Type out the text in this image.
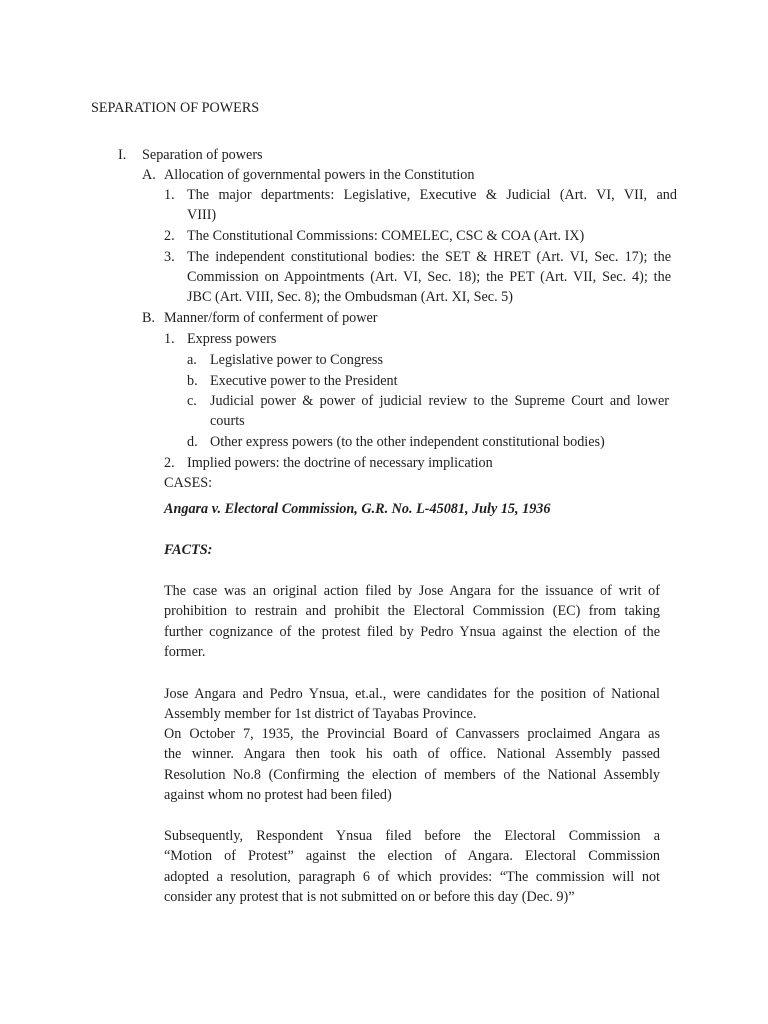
SEPARATION OF POWERS
I. Separation of powers
A. Allocation of governmental powers in the Constitution
1. The major departments: Legislative, Executive & Judicial (Art. VI, VII, and
VIII)
2. The Constitutional Commissions: COMELEC, CSC & COA (Art. IX)
3. The independent constitutional bodies: the SET & HRET (Art. VI, Sec. 17); the
Commission on Appointments (Art. VI, Sec. 18); the PET (Art. VII, Sec. 4); the
JBC (Art. VIII, Sec. 8); the Ombudsman (Art. XI, Sec. 5)
B. Manner/form of conferment of power
1. Express powers
a. Legislative power to Congress
b. Executive power to the President
c. Judicial power & power of judicial review to the Supreme Court and lower
courts
d. Other express powers (to the other independent constitutional bodies)
2. Implied powers: the doctrine of necessary implication
CASES:
Angara v. Electoral Commission, G.R. No. L-45081, July 15, 1936
FACTS:
The case was an original action filed by Jose Angara for the issuance of writ of
prohibition to restrain and prohibit the Electoral Commission (EC) from taking
further cognizance of the protest filed by Pedro Ynsua against the election of the
former.
Jose Angara and Pedro Ynsua, et.al., were candidates for the position of National
Assembly member for 1st district of Tayabas Province.
On October 7, 1935, the Provincial Board of Canvassers proclaimed Angara as
the winner. Angara then took his oath of office. National Assembly passed
Resolution No.8 (Confirming the election of members of the National Assembly
against whom no protest had been filed)
Subsequently, Respondent Ynsua filed before the Electoral Commission a
“Motion of Protest” against the election of Angara. Electoral Commission
adopted a resolution, paragraph 6 of which provides: “The commission will not
consider any protest that is not submitted on or before this day (Dec. 9)”
